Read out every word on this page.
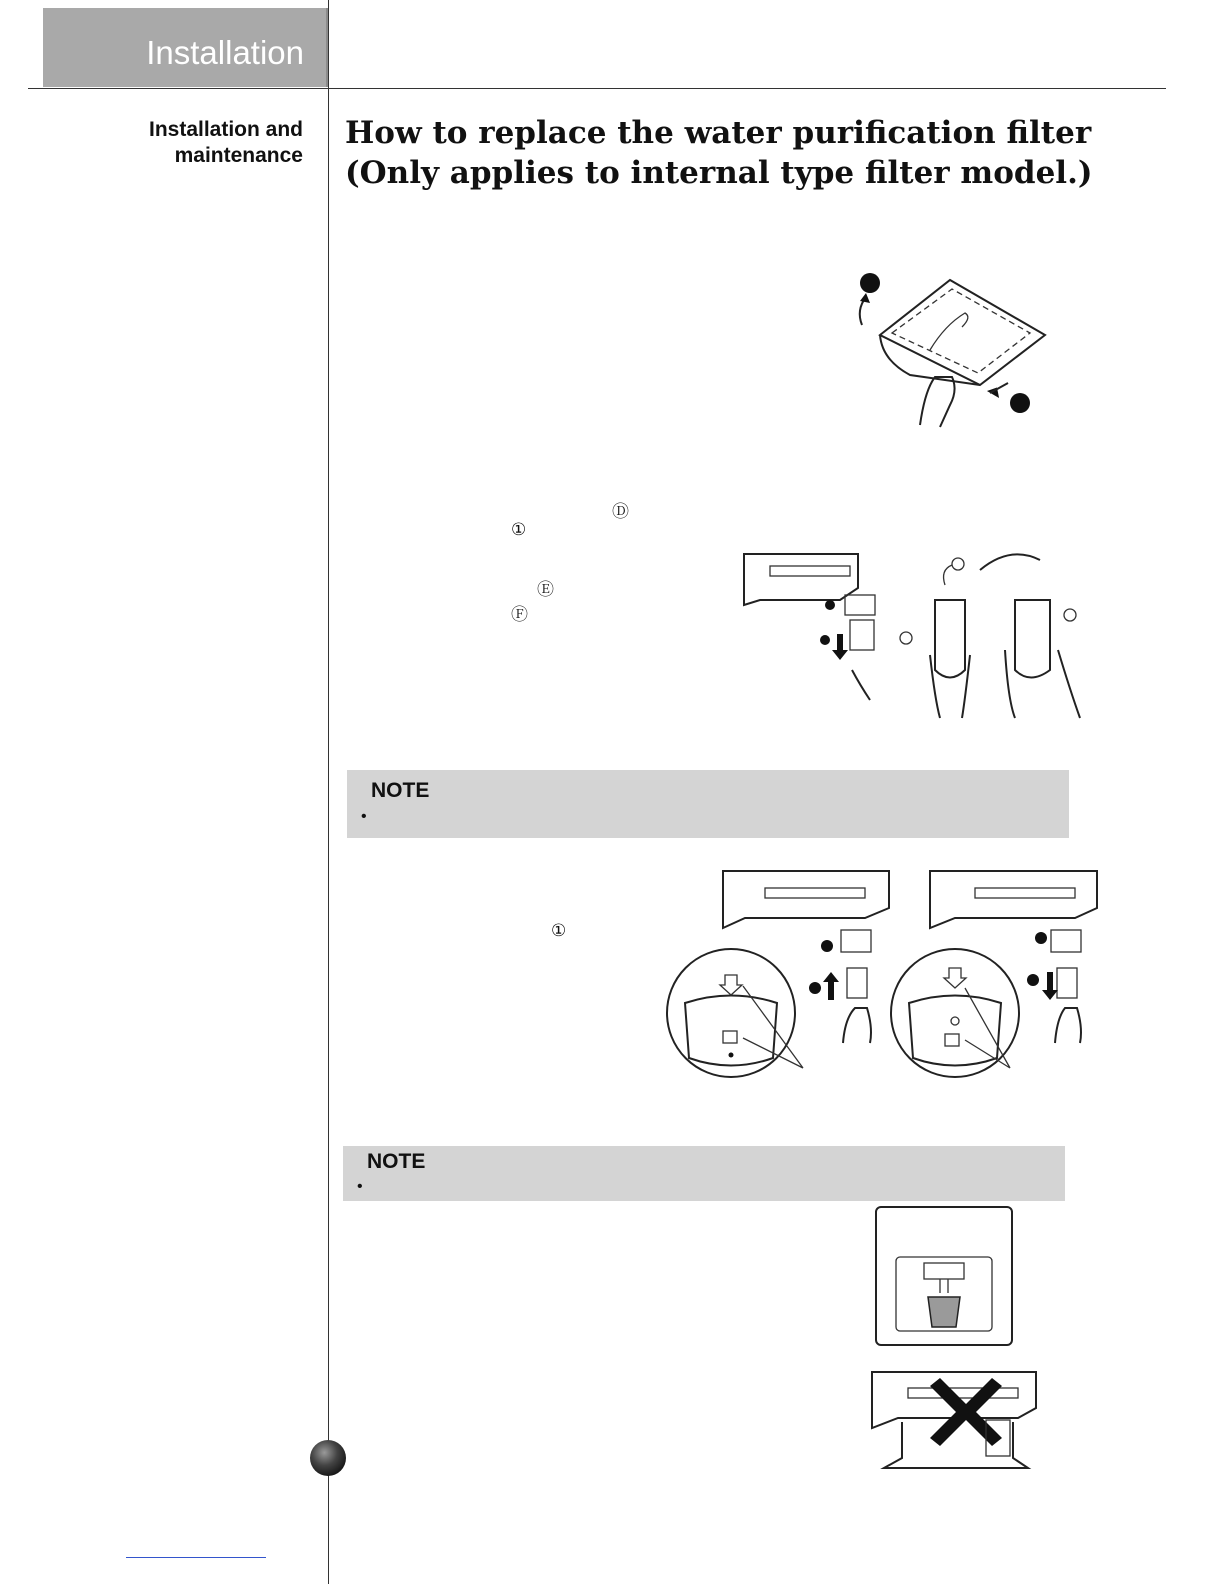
Installation
Installation and
maintenance
How to replace the water purification filter
(Only applies to internal type filter model.)
Ⓓ
①
Ⓔ
Ⓕ
NOTE
•
①
NOTE
•
